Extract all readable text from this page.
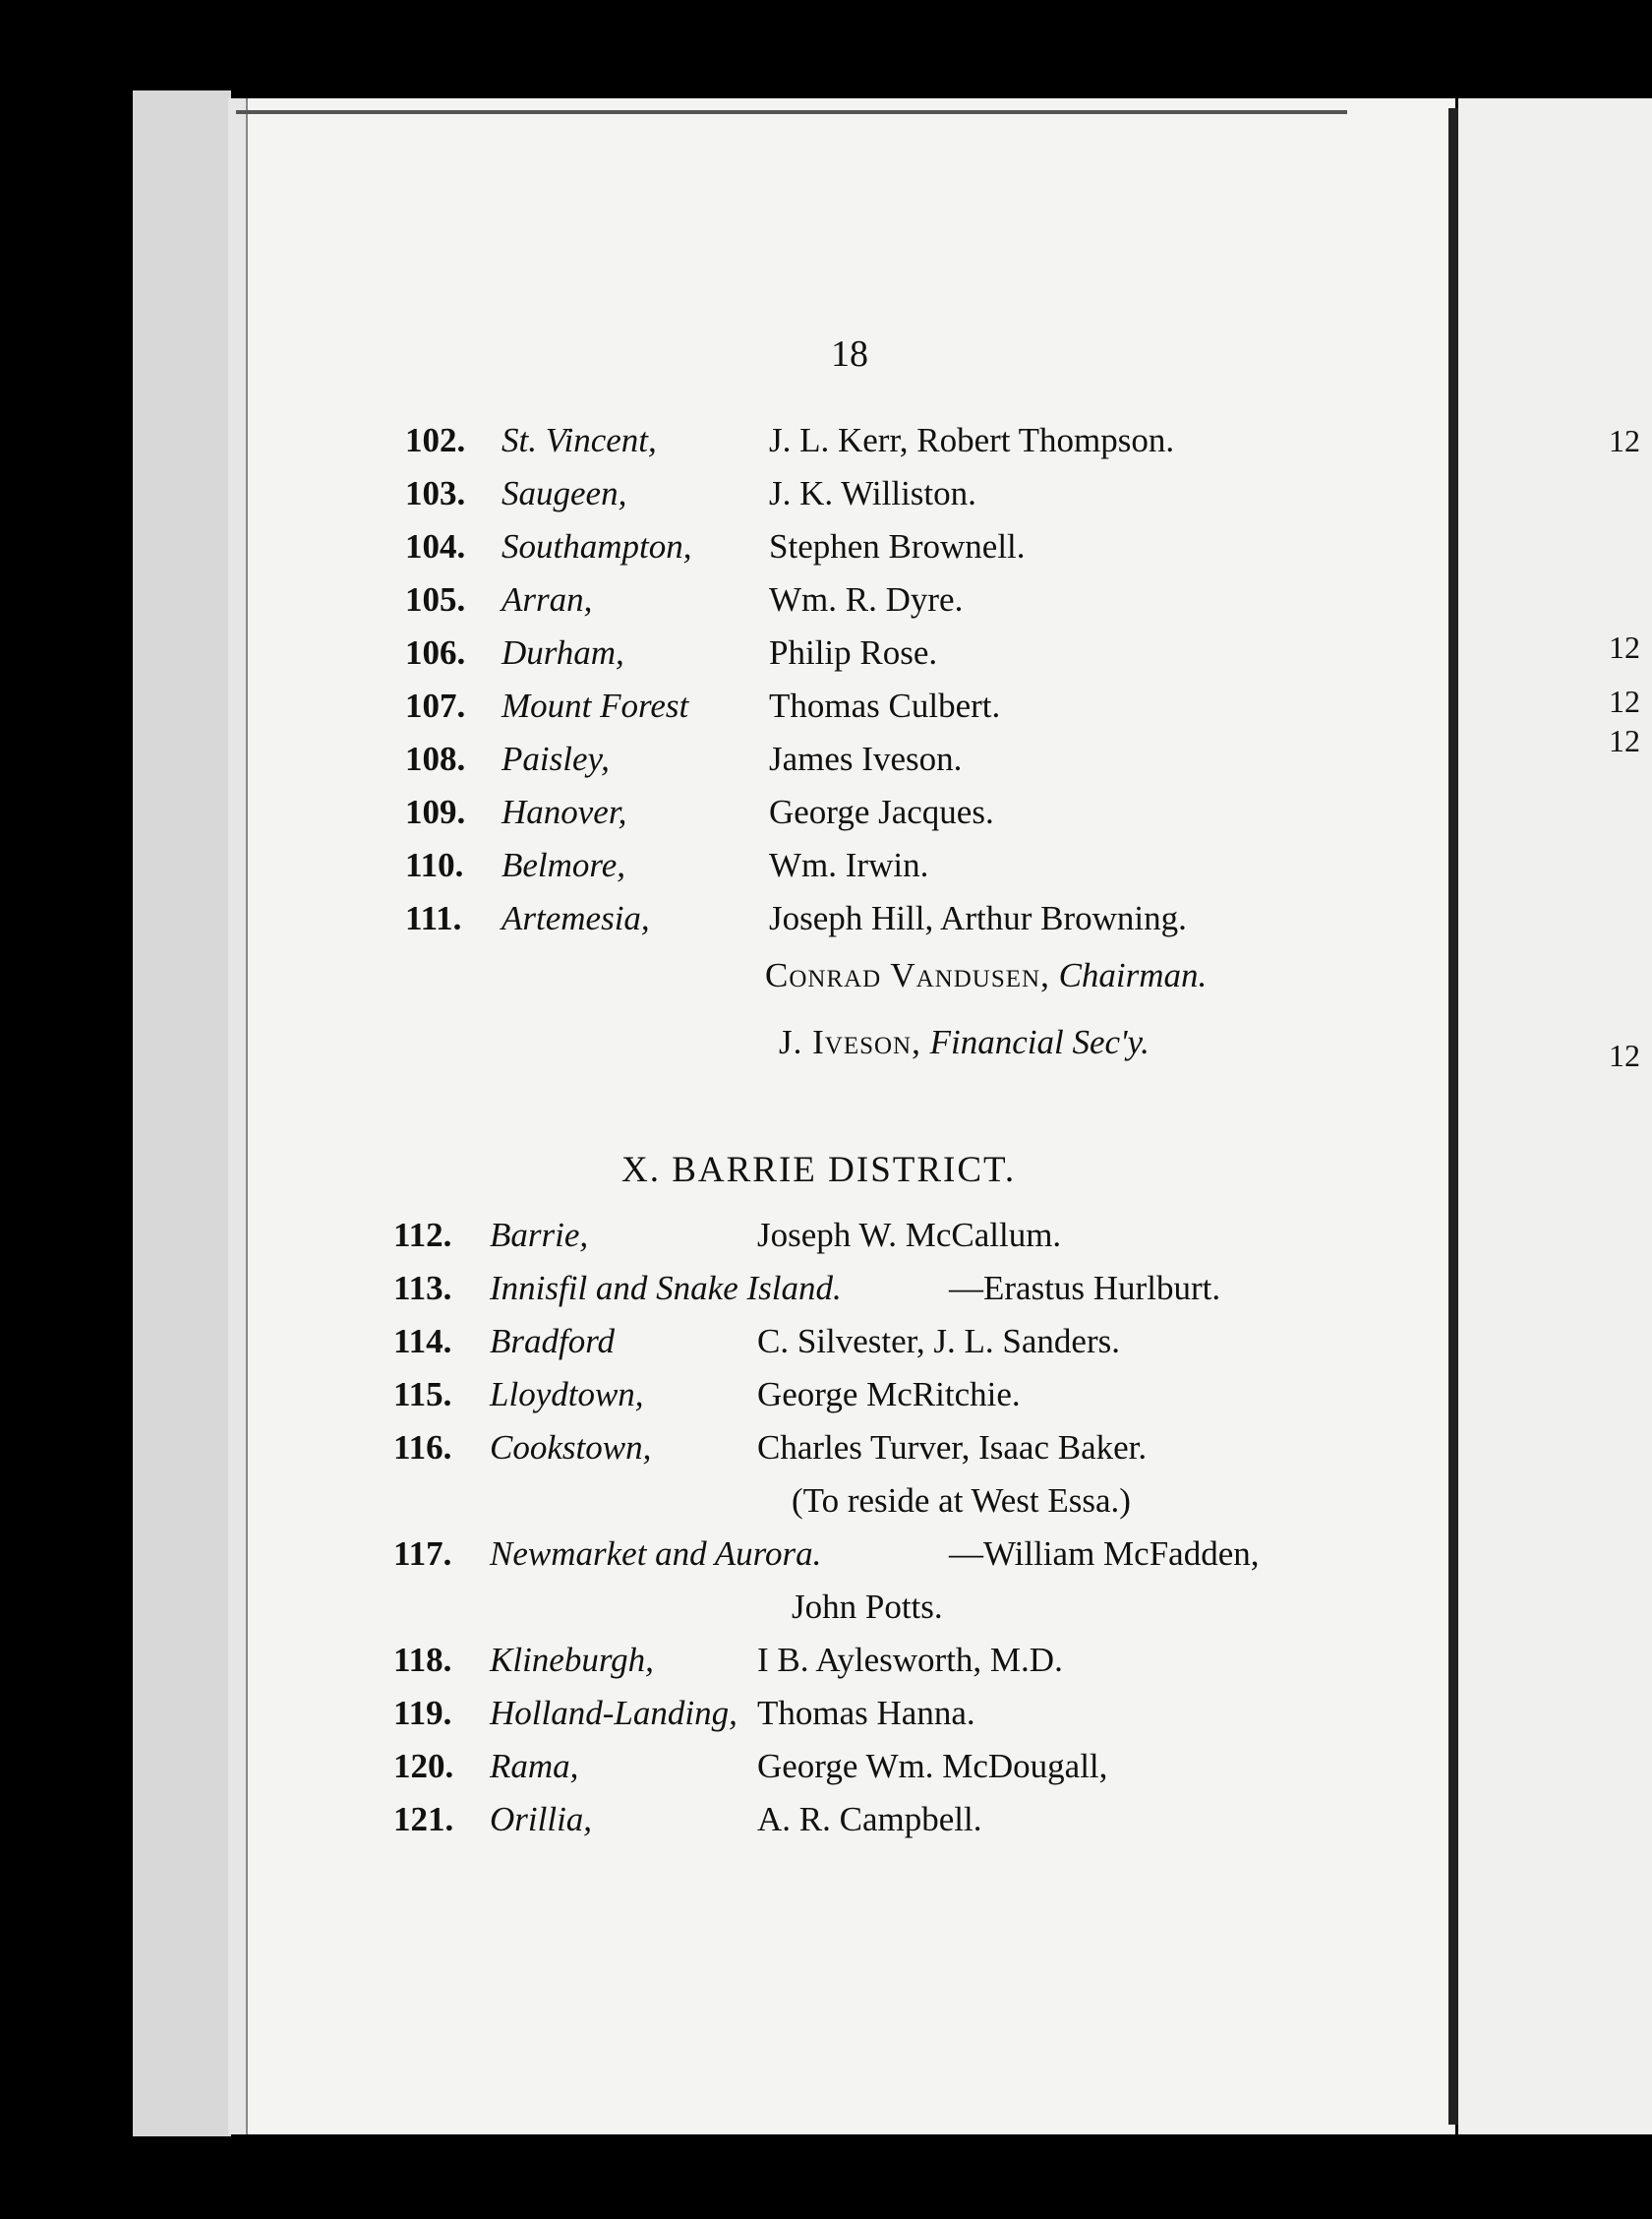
18
102. St. Vincent,	J. L. Kerr, Robert Thompson.
103. Saugeen,	J. K. Williston.
104. Southampton, Stephen Brownell.
105. Arran,	Wm. R. Dyre.
106. Durham,	Philip Rose.
107. Mount Forest Thomas Culbert.
108. Paisley,	James Iveson.
109. Hanover,	George Jacques.
110. Belmore,	Wm. Irwin.
111. Artemesia,	Joseph Hill, Arthur Browning.
Conrad Vandusen, Chairman.
J. Iveson, Financial Sec'y.
X. BARRIE DISTRICT.
112. Barrie,	Joseph W. McCallum.
113. Innisfil and Snake Island.	—Erastus Hurlburt.
114. Bradford	C. Silvester, J. L. Sanders.
115. Lloydtown,	George McRitchie.
116. Cookstown,	Charles Turver, Isaac Baker.
(To reside at West Essa.)
117. Newmarket and Aurora.	—William McFadden,
John Potts.
118. Klineburgh,	I B. Aylesworth, M.D.
119. Holland-Landing, Thomas Hanna.
120. Rama,	George Wm. McDougall,
121. Orillia,	A. R. Campbell.
12
12
12
12
12
